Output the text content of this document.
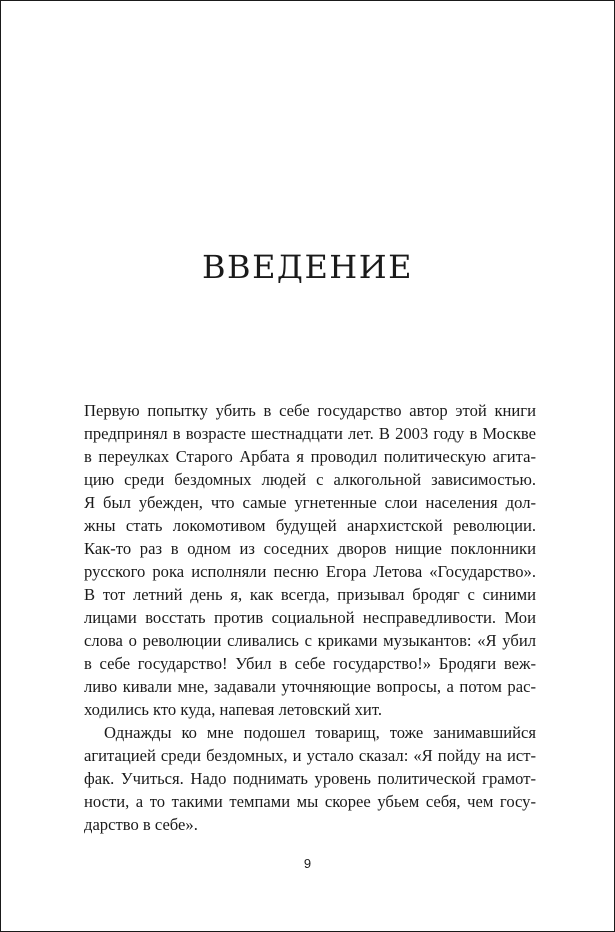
ВВЕДЕНИЕ
Первую попытку убить в себе государство автор этой книги
предпринял в возрасте шестнадцати лет. В 2003 году в Москве
в переулках Старого Арбата я проводил политическую агита-
цию среди бездомных людей с алкогольной зависимостью.
Я был убежден, что самые угнетенные слои населения дол-
жны стать локомотивом будущей анархистской революции.
Как-то раз в одном из соседних дворов нищие поклонники
русского рока исполняли песню Егора Летова «Государство».
В тот летний день я, как всегда, призывал бродяг с синими
лицами восстать против социальной несправедливости. Мои
слова о революции сливались с криками музыкантов: «Я убил
в себе государство! Убил в себе государство!» Бродяги веж-
ливо кивали мне, задавали уточняющие вопросы, а потом рас-
ходились кто куда, напевая летовский хит.
Однажды ко мне подошел товарищ, тоже занимавшийся
агитацией среди бездомных, и устало сказал: «Я пойду на ист-
фак. Учиться. Надо поднимать уровень политической грамот-
ности, а то такими темпами мы скорее убьем себя, чем госу-
дарство в себе».
9
